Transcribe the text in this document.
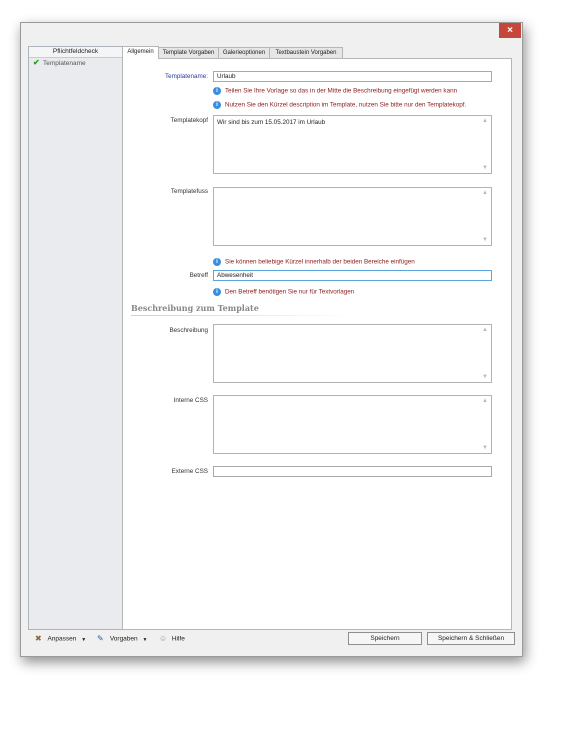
×
Pflichtfeldcheck
✔ Templatename
Allgemein	Template Vorgaben	Galerieoptionen	Textbaustein Vorgaben
Templatename:	Urlaub
i Teilen Sie Ihre Vorlage so das in der Mitte die Beschreibung eingefügt werden kann
i Nutzen Sie den Kürzel description im Template, nutzen Sie bitte nur den Templatekopf.
Templatekopf	Wir sind bis zum 15.05.2017 im Urlaub	▲
▼
Templatefuss	▲
▼
i Sie können beliebige Kürzel innerhalb der beiden Bereiche einfügen
Betreff	Abwesenheit
i Den Betreff benötigen Sie nur für Textvorlagen
Beschreibung zum Template
Beschreibung	▲
▼
Interne CSS	▲
▼
Externe CSS
✖ Anpassen ▼ ✎ Vorgaben ▼ ☺ Hilfe	Speichern	Speichern & Schließen
